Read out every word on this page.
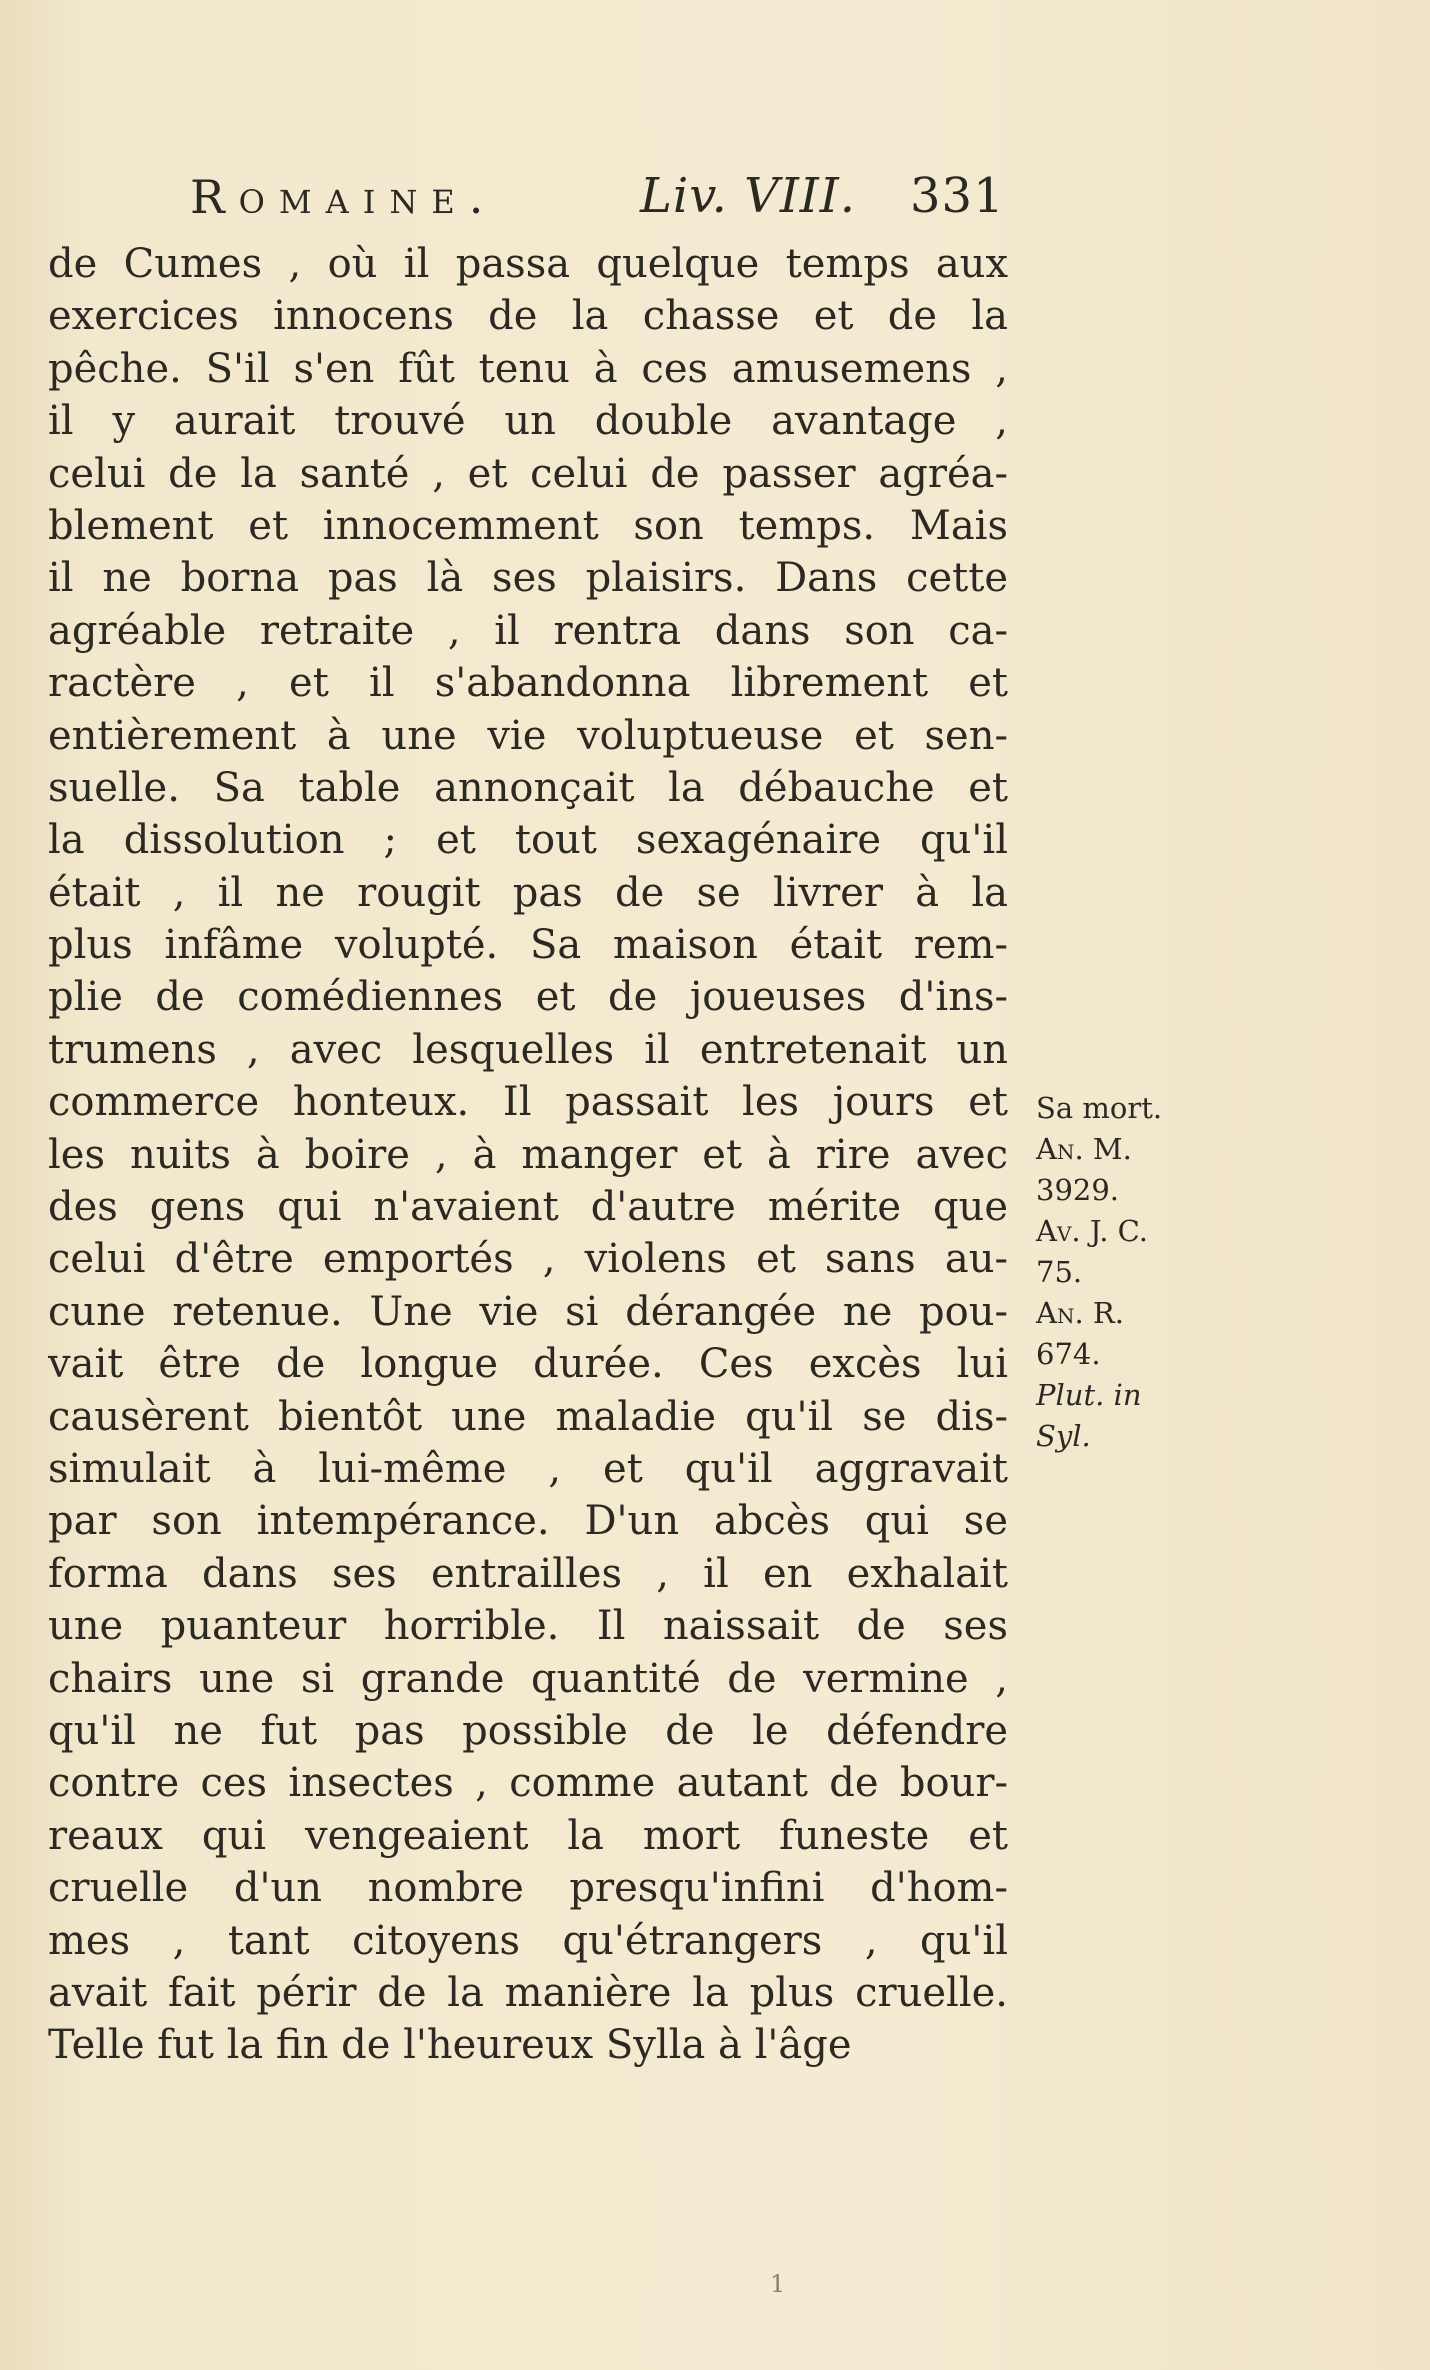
Romaine.	Liv. VIII. 331
de Cumes , où il passa quelque temps aux
exercices innocens de la chasse et de la
pêche. S'il s'en fût tenu à ces amusemens ,
il y aurait trouvé un double avantage ,
celui de la santé , et celui de passer agréa-
blement et innocemment son temps. Mais
il ne borna pas là ses plaisirs. Dans cette
agréable retraite , il rentra dans son ca-
ractère , et il s'abandonna librement et
entièrement à une vie voluptueuse et sen-
suelle. Sa table annonçait la débauche et
la dissolution ; et tout sexagénaire qu'il
était , il ne rougit pas de se livrer à la
plus infâme volupté. Sa maison était rem-
plie de comédiennes et de joueuses d'ins-
trumens , avec lesquelles il entretenait un
commerce honteux. Il passait les jours et
les nuits à boire , à manger et à rire avec
des gens qui n'avaient d'autre mérite que
celui d'être emportés , violens et sans au-
cune retenue. Une vie si dérangée ne pou-
vait être de longue durée. Ces excès lui
causèrent bientôt une maladie qu'il se dis-
simulait à lui-même , et qu'il aggravait
par son intempérance. D'un abcès qui se
forma dans ses entrailles , il en exhalait
une puanteur horrible. Il naissait de ses
chairs une si grande quantité de vermine ,
qu'il ne fut pas possible de le défendre
contre ces insectes , comme autant de bour-
reaux qui vengeaient la mort funeste et
cruelle d'un nombre presqu'infini d'hom-
mes , tant citoyens qu'étrangers , qu'il
avait fait périr de la manière la plus cruelle.
Telle fut la fin de l'heureux Sylla à l'âge
Sa mort.
An. M.
3929.
Av. J. C.
75.
An. R.
674.
Plut. in
Syl.
1
